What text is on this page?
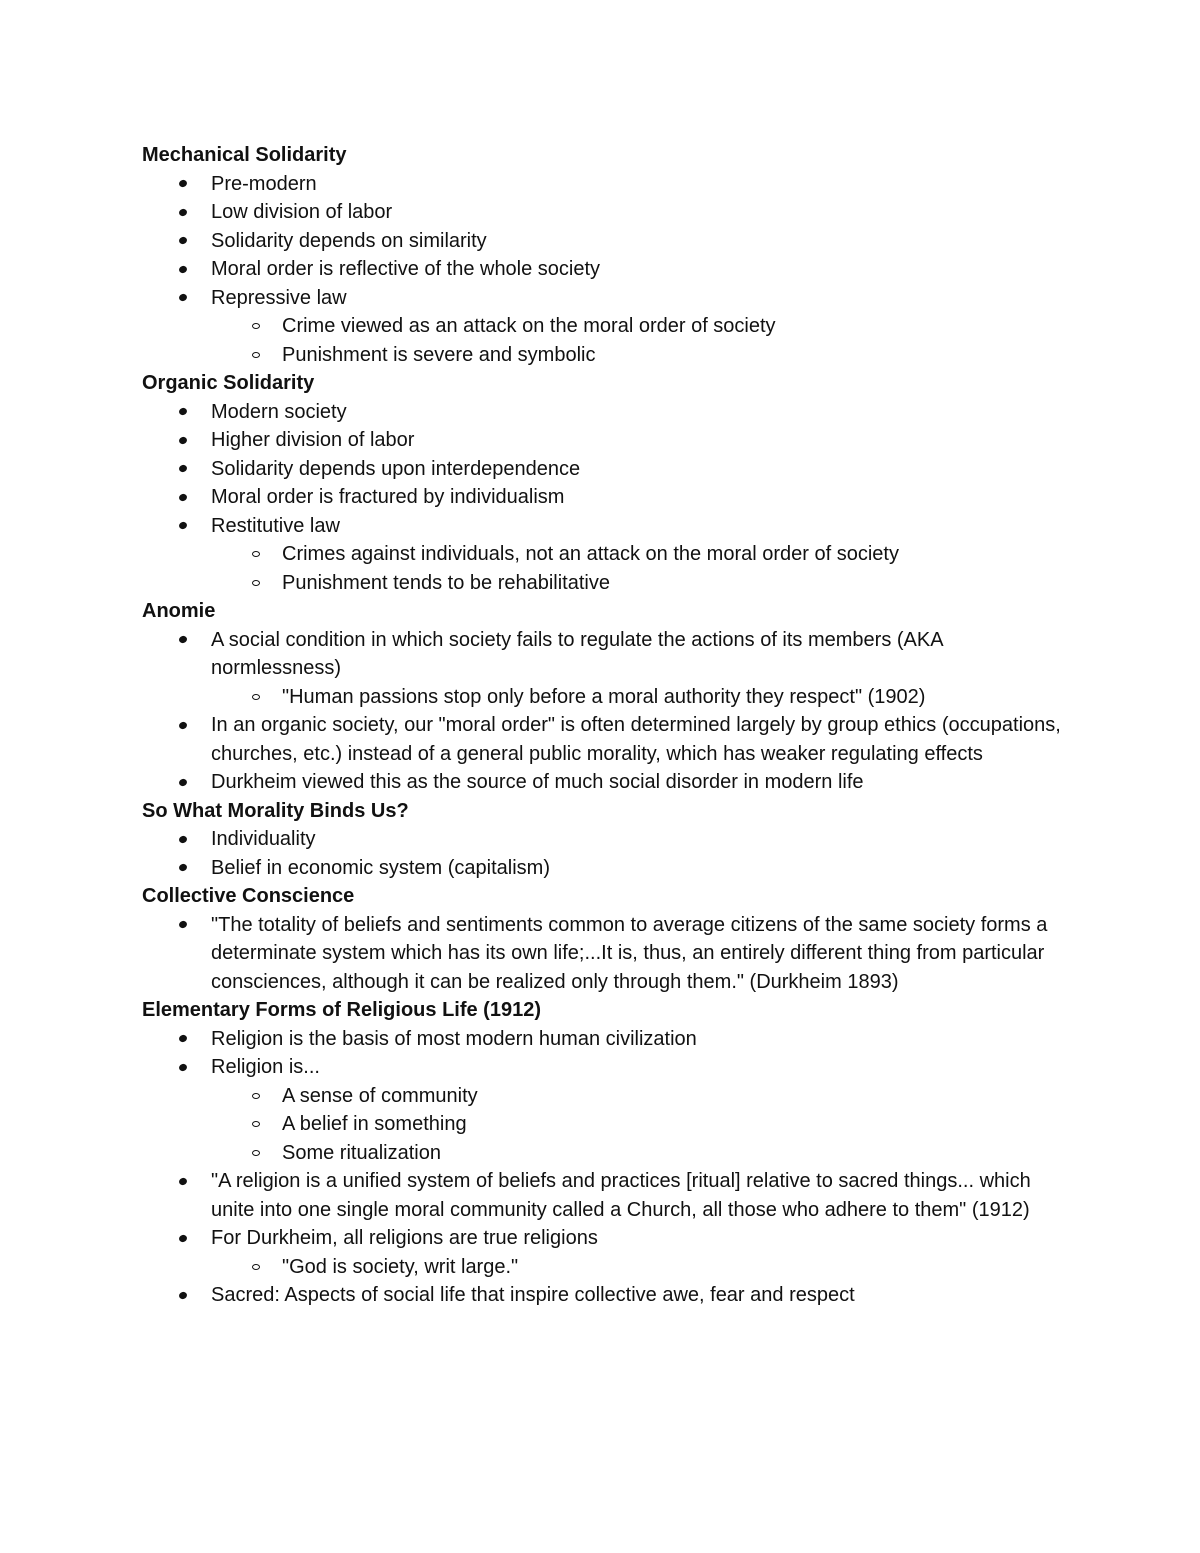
Mechanical Solidarity
Pre-modern
Low division of labor
Solidarity depends on similarity
Moral order is reflective of the whole society
Repressive law
Crime viewed as an attack on the moral order of society
Punishment is severe and symbolic
Organic Solidarity
Modern society
Higher division of labor
Solidarity depends upon interdependence
Moral order is fractured by individualism
Restitutive law
Crimes against individuals, not an attack on the moral order of society
Punishment tends to be rehabilitative
Anomie
A social condition in which society fails to regulate the actions of its members (AKA normlessness)
"Human passions stop only before a moral authority they respect" (1902)
In an organic society, our "moral order" is often determined largely by group ethics (occupations, churches, etc.) instead of a general public morality, which has weaker regulating effects
Durkheim viewed this as the source of much social disorder in modern life
So What Morality Binds Us?
Individuality
Belief in economic system (capitalism)
Collective Conscience
"The totality of beliefs and sentiments common to average citizens of the same society forms a determinate system which has its own life;...It is, thus, an entirely different thing from particular consciences, although it can be realized only through them." (Durkheim 1893)
Elementary Forms of Religious Life (1912)
Religion is the basis of most modern human civilization
Religion is...
A sense of community
A belief in something
Some ritualization
"A religion is a unified system of beliefs and practices [ritual] relative to sacred things... which unite into one single moral community called a Church, all those who adhere to them" (1912)
For Durkheim, all religions are true religions
"God is society, writ large."
Sacred: Aspects of social life that inspire collective awe, fear and respect
